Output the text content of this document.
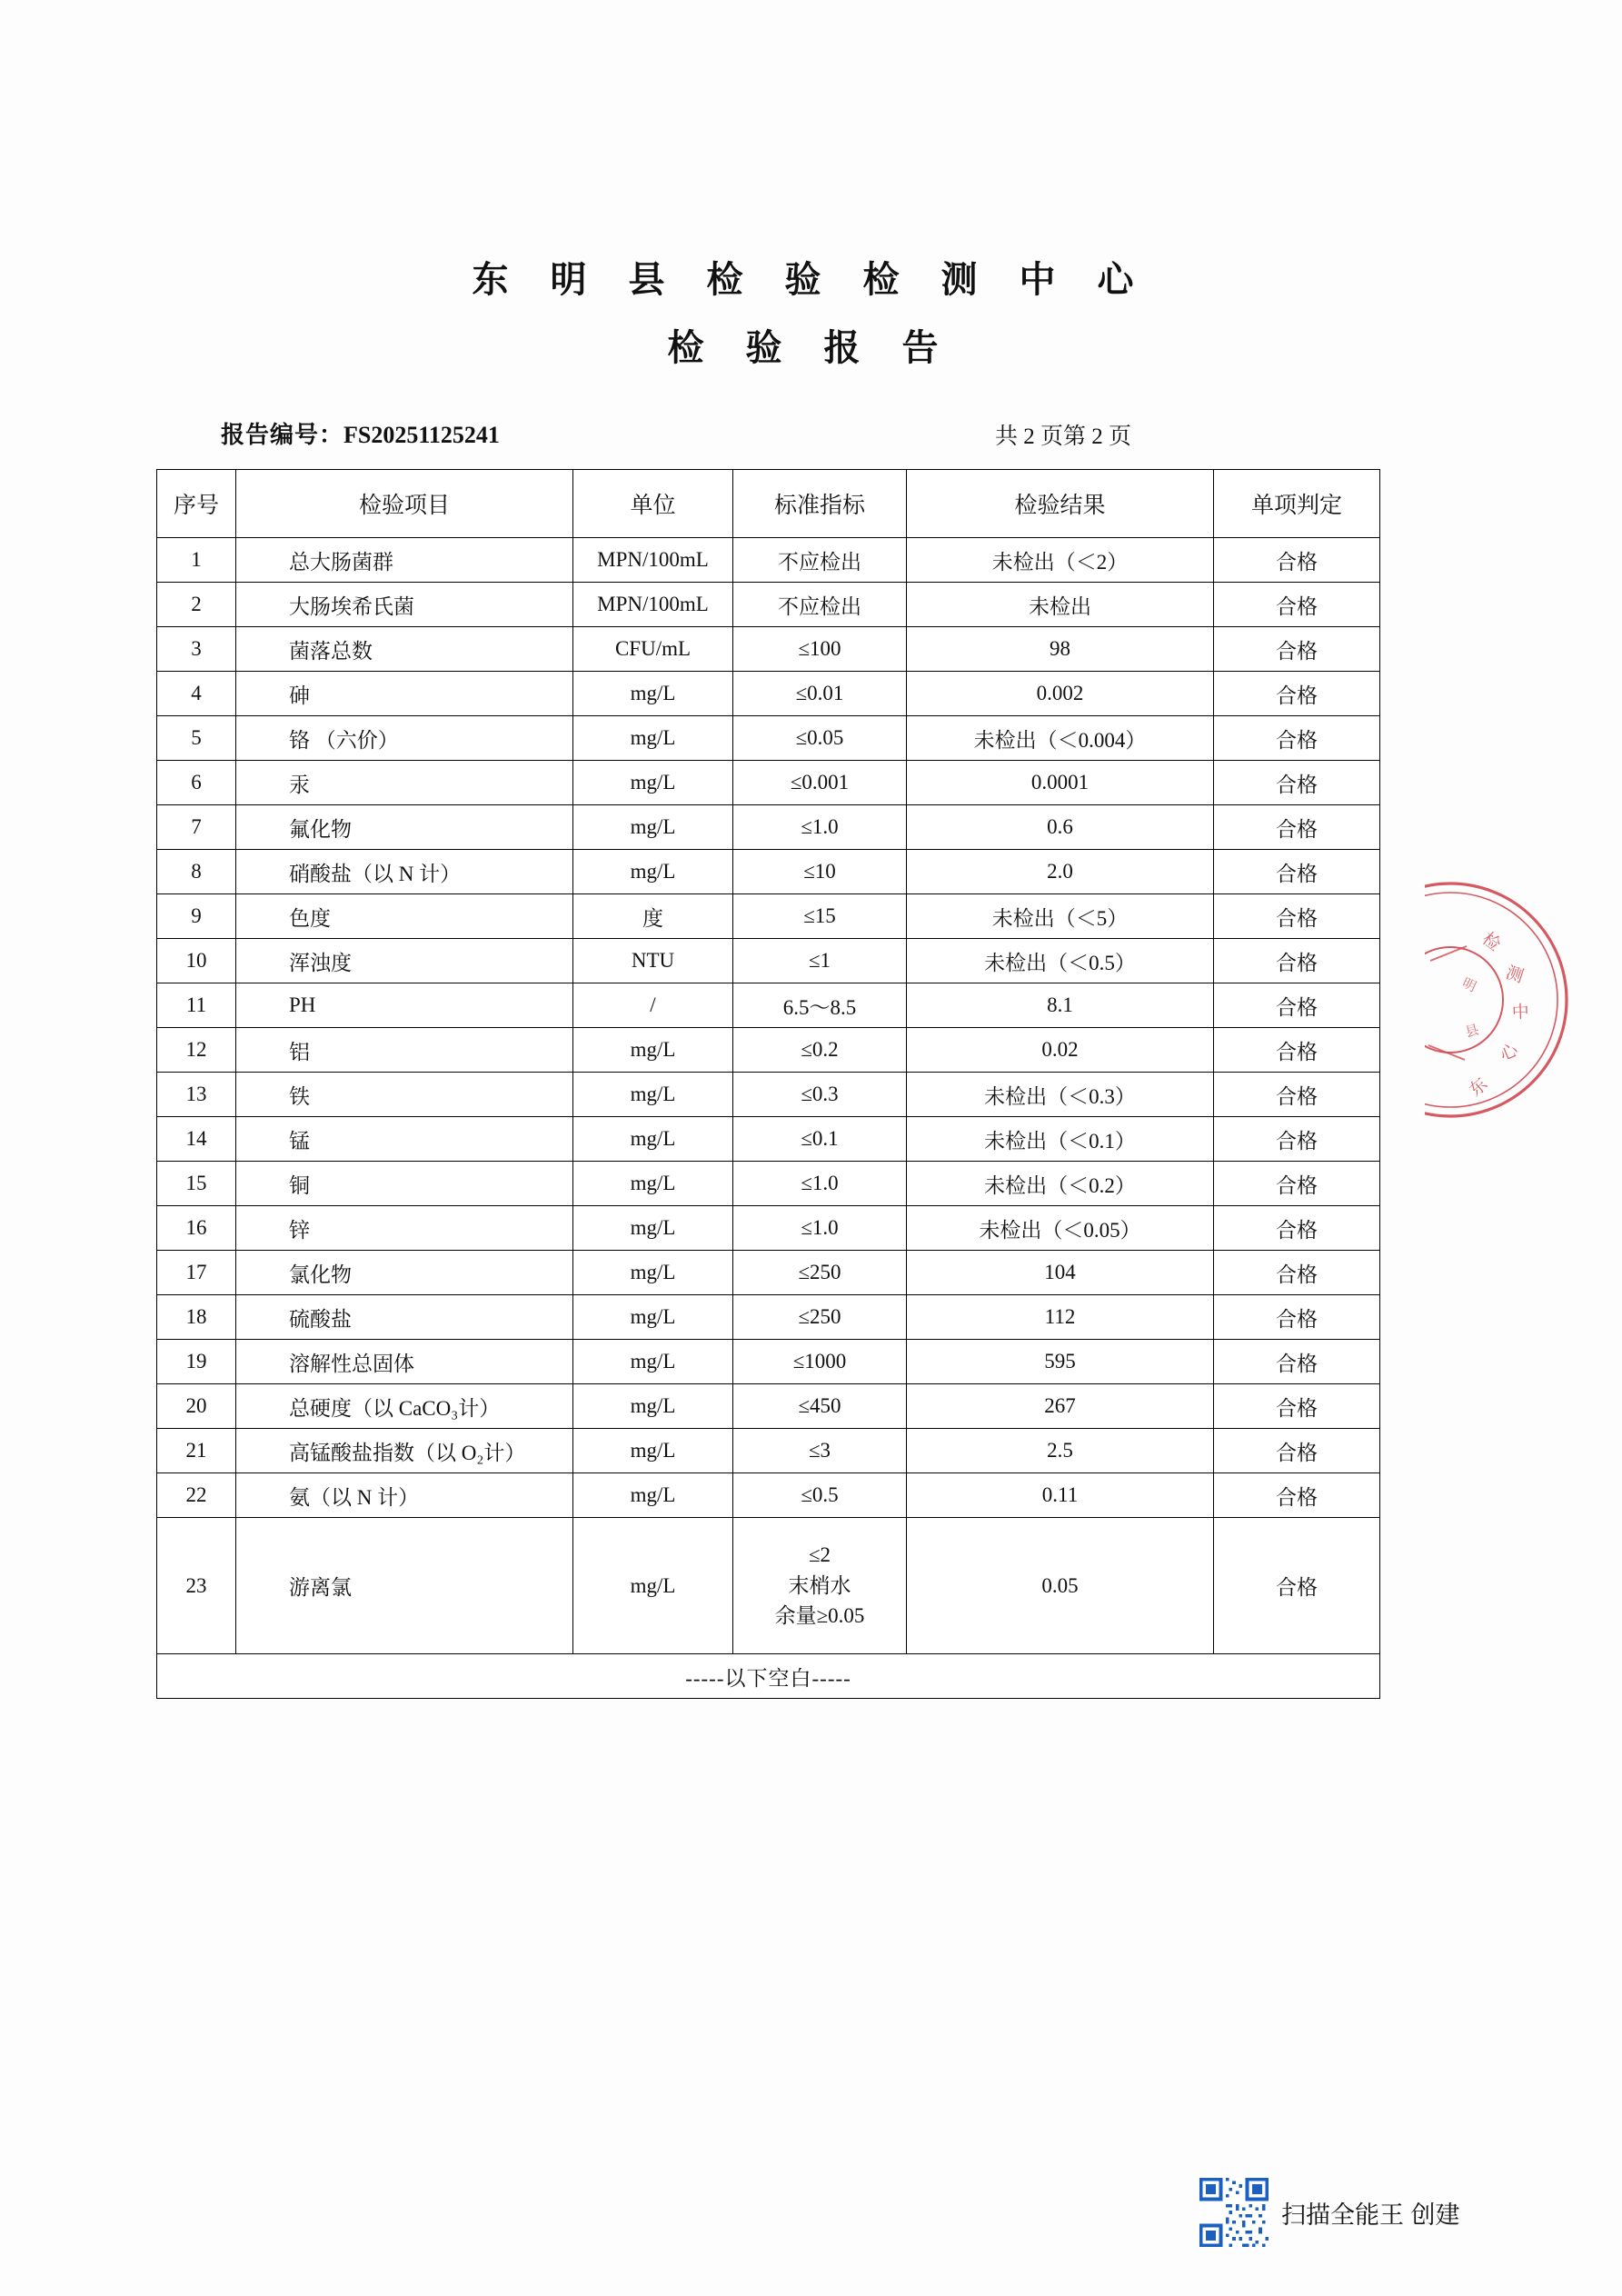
东 明 县 检 验 检 测 中 心
检 验 报 告
报告编号：FS20251125241	共 2 页第 2 页
序号	检验项目	单位	标准指标	检验结果	单项判定
1	总大肠菌群	MPN/100mL	不应检出	未检出（＜2）	合格
2	大肠埃希氏菌	MPN/100mL	不应检出	未检出	合格
3	菌落总数	CFU/mL	≤100	98	合格
4	砷	mg/L	≤0.01	0.002	合格
5	铬 （六价）	mg/L	≤0.05	未检出（＜0.004）	合格
6	汞	mg/L	≤0.001	0.0001	合格
7	氟化物	mg/L	≤1.0	0.6	合格
8	硝酸盐（以 N 计）	mg/L	≤10	2.0	合格
9	色度	度	≤15	未检出（＜5）	合格
10	浑浊度	NTU	≤1	未检出（＜0.5）	合格
11	PH	/	6.5～8.5	8.1	合格
12	铝	mg/L	≤0.2	0.02	合格
13	铁	mg/L	≤0.3	未检出（＜0.3）	合格
14	锰	mg/L	≤0.1	未检出（＜0.1）	合格
15	铜	mg/L	≤1.0	未检出（＜0.2）	合格
16	锌	mg/L	≤1.0	未检出（＜0.05）	合格
17	氯化物	mg/L	≤250	104	合格
18	硫酸盐	mg/L	≤250	112	合格
19	溶解性总固体	mg/L	≤1000	595	合格
20	总硬度（以 CaCO₃计）	mg/L	≤450	267	合格
21	高锰酸盐指数（以 O₂计）	mg/L	≤3	2.5	合格
22	氨（以 N 计）	mg/L	≤0.5	0.11	合格
23	游离氯	mg/L	≤2
末梢水
余量≥0.05	0.05	合格
-----以下空白-----					
检
测
中
心
东
明
县
扫描全能王 创建
